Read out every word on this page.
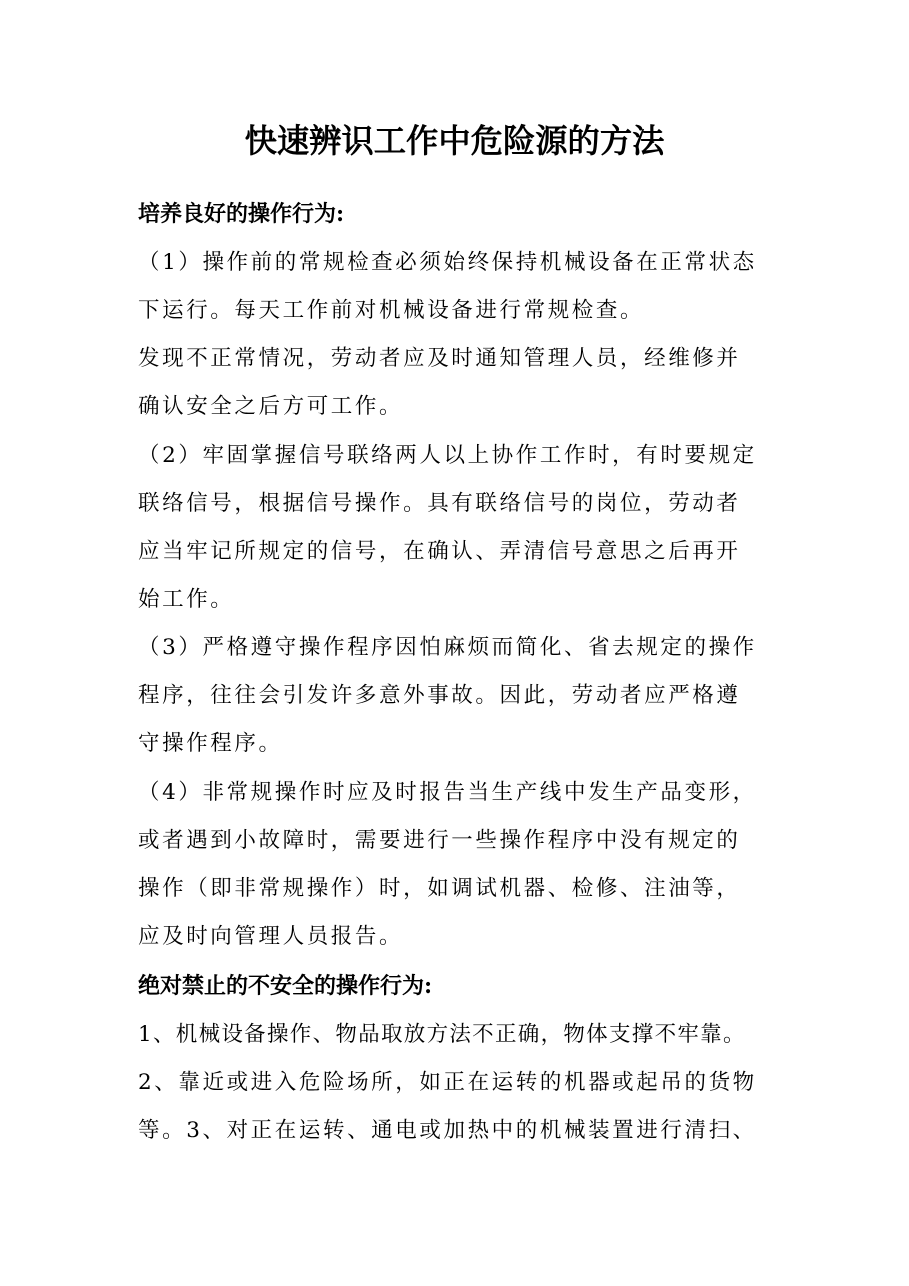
快速辨识工作中危险源的方法
培养良好的操作行为:
（1）操作前的常规检查必须始终保持机械设备在正常状态
下运行。每天工作前对机械设备进行常规检查。
发现不正常情况，劳动者应及时通知管理人员，经维修并
确认安全之后方可工作。
（2）牢固掌握信号联络两人以上协作工作时，有时要规定
联络信号，根据信号操作。具有联络信号的岗位，劳动者
应当牢记所规定的信号，在确认、弄清信号意思之后再开
始工作。
（3）严格遵守操作程序因怕麻烦而简化、省去规定的操作
程序，往往会引发许多意外事故。因此，劳动者应严格遵
守操作程序。
（4）非常规操作时应及时报告当生产线中发生产品变形，
或者遇到小故障时，需要进行一些操作程序中没有规定的
操作（即非常规操作）时，如调试机器、检修、注油等，
应及时向管理人员报告。
绝对禁止的不安全的操作行为:
1、机械设备操作、物品取放方法不正确，物体支撑不牢靠。
2、靠近或进入危险场所，如正在运转的机器或起吊的货物
等。3、对正在运转、通电或加热中的机械装置进行清扫、
